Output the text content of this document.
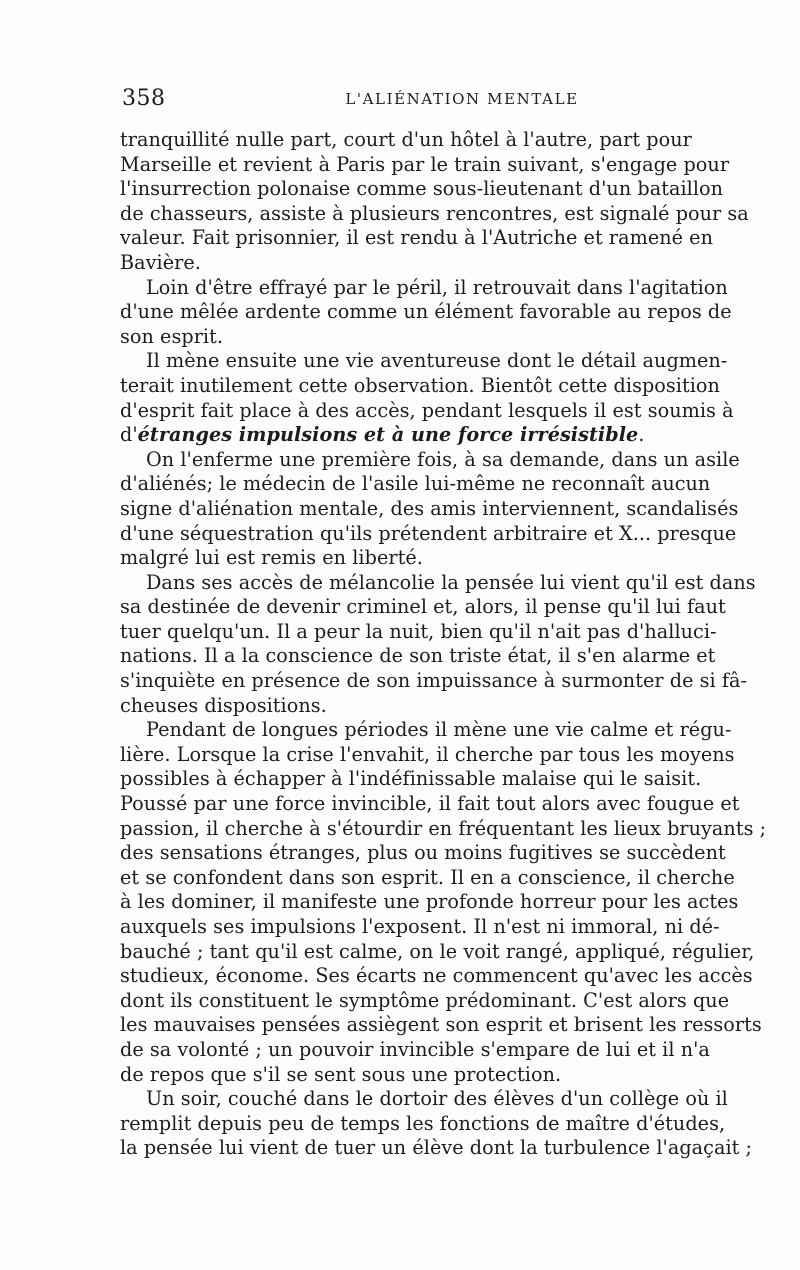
358	L'ALIÉNATION MENTALE
tranquillité nulle part, court d'un hôtel à l'autre, part pour
Marseille et revient à Paris par le train suivant, s'engage pour
l'insurrection polonaise comme sous-lieutenant d'un bataillon
de chasseurs, assiste à plusieurs rencontres, est signalé pour sa
valeur. Fait prisonnier, il est rendu à l'Autriche et ramené en
Bavière.
Loin d'être effrayé par le péril, il retrouvait dans l'agitation
d'une mêlée ardente comme un élément favorable au repos de
son esprit.
Il mène ensuite une vie aventureuse dont le détail augmen-
terait inutilement cette observation. Bientôt cette disposition
d'esprit fait place à des accès, pendant lesquels il est soumis à
d'étranges impulsions et à une force irrésistible.
On l'enferme une première fois, à sa demande, dans un asile
d'aliénés; le médecin de l'asile lui-même ne reconnaît aucun
signe d'aliénation mentale, des amis interviennent, scandalisés
d'une séquestration qu'ils prétendent arbitraire et X... presque
malgré lui est remis en liberté.
Dans ses accès de mélancolie la pensée lui vient qu'il est dans
sa destinée de devenir criminel et, alors, il pense qu'il lui faut
tuer quelqu'un. Il a peur la nuit, bien qu'il n'ait pas d'halluci-
nations. Il a la conscience de son triste état, il s'en alarme et
s'inquiète en présence de son impuissance à surmonter de si fâ-
cheuses dispositions.
Pendant de longues périodes il mène une vie calme et régu-
lière. Lorsque la crise l'envahit, il cherche par tous les moyens
possibles à échapper à l'indéfinissable malaise qui le saisit.
Poussé par une force invincible, il fait tout alors avec fougue et
passion, il cherche à s'étourdir en fréquentant les lieux bruyants ;
des sensations étranges, plus ou moins fugitives se succèdent
et se confondent dans son esprit. Il en a conscience, il cherche
à les dominer, il manifeste une profonde horreur pour les actes
auxquels ses impulsions l'exposent. Il n'est ni immoral, ni dé-
bauché ; tant qu'il est calme, on le voit rangé, appliqué, régulier,
studieux, économe. Ses écarts ne commencent qu'avec les accès
dont ils constituent le symptôme prédominant. C'est alors que
les mauvaises pensées assiègent son esprit et brisent les ressorts
de sa volonté ; un pouvoir invincible s'empare de lui et il n'a
de repos que s'il se sent sous une protection.
Un soir, couché dans le dortoir des élèves d'un collège où il
remplit depuis peu de temps les fonctions de maître d'études,
la pensée lui vient de tuer un élève dont la turbulence l'agaçait ;
